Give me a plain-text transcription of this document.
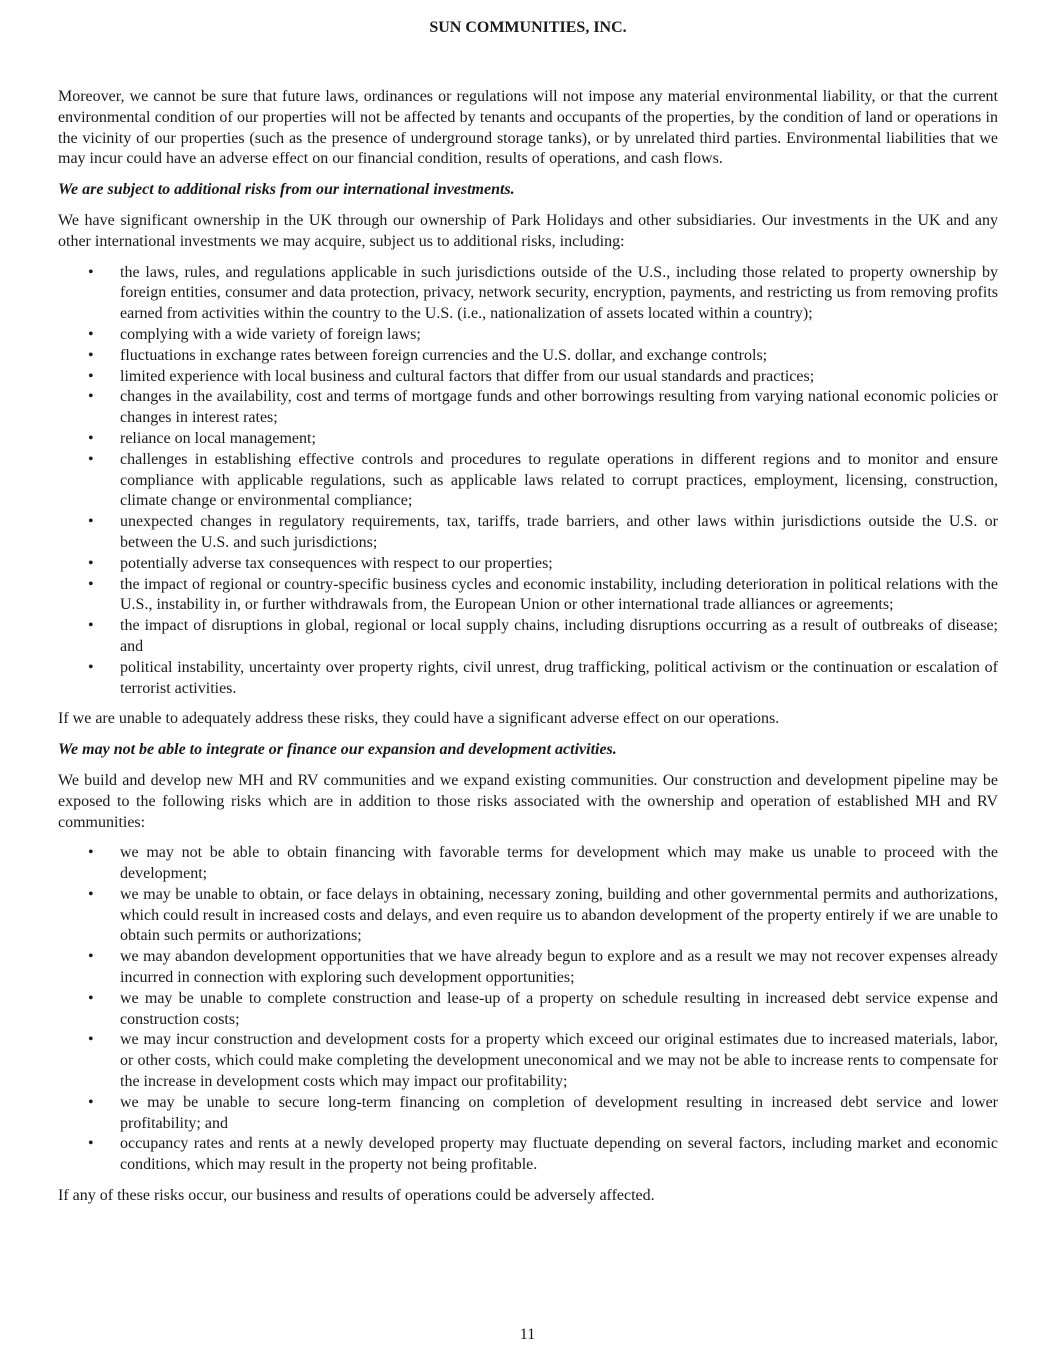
SUN COMMUNITIES, INC.

Moreover, we cannot be sure that future laws, ordinances or regulations will not impose any material environmental liability, or that the current environmental condition of our properties will not be affected by tenants and occupants of the properties, by the condition of land or operations in the vicinity of our properties (such as the presence of underground storage tanks), or by unrelated third parties. Environmental liabilities that we may incur could have an adverse effect on our financial condition, results of operations, and cash flows.

We are subject to additional risks from our international investments.

We have significant ownership in the UK through our ownership of Park Holidays and other subsidiaries. Our investments in the UK and any other international investments we may acquire, subject us to additional risks, including:

• the laws, rules, and regulations applicable in such jurisdictions outside of the U.S., including those related to property ownership by foreign entities, consumer and data protection, privacy, network security, encryption, payments, and restricting us from removing profits earned from activities within the country to the U.S. (i.e., nationalization of assets located within a country);
• complying with a wide variety of foreign laws;
• fluctuations in exchange rates between foreign currencies and the U.S. dollar, and exchange controls;
• limited experience with local business and cultural factors that differ from our usual standards and practices;
• changes in the availability, cost and terms of mortgage funds and other borrowings resulting from varying national economic policies or changes in interest rates;
• reliance on local management;
• challenges in establishing effective controls and procedures to regulate operations in different regions and to monitor and ensure compliance with applicable regulations, such as applicable laws related to corrupt practices, employment, licensing, construction, climate change or environmental compliance;
• unexpected changes in regulatory requirements, tax, tariffs, trade barriers, and other laws within jurisdictions outside the U.S. or between the U.S. and such jurisdictions;
• potentially adverse tax consequences with respect to our properties;
• the impact of regional or country-specific business cycles and economic instability, including deterioration in political relations with the U.S., instability in, or further withdrawals from, the European Union or other international trade alliances or agreements;
• the impact of disruptions in global, regional or local supply chains, including disruptions occurring as a result of outbreaks of disease; and
• political instability, uncertainty over property rights, civil unrest, drug trafficking, political activism or the continuation or escalation of terrorist activities.

If we are unable to adequately address these risks, they could have a significant adverse effect on our operations.

We may not be able to integrate or finance our expansion and development activities.

We build and develop new MH and RV communities and we expand existing communities. Our construction and development pipeline may be exposed to the following risks which are in addition to those risks associated with the ownership and operation of established MH and RV communities:

• we may not be able to obtain financing with favorable terms for development which may make us unable to proceed with the development;
• we may be unable to obtain, or face delays in obtaining, necessary zoning, building and other governmental permits and authorizations, which could result in increased costs and delays, and even require us to abandon development of the property entirely if we are unable to obtain such permits or authorizations;
• we may abandon development opportunities that we have already begun to explore and as a result we may not recover expenses already incurred in connection with exploring such development opportunities;
• we may be unable to complete construction and lease-up of a property on schedule resulting in increased debt service expense and construction costs;
• we may incur construction and development costs for a property which exceed our original estimates due to increased materials, labor, or other costs, which could make completing the development uneconomical and we may not be able to increase rents to compensate for the increase in development costs which may impact our profitability;
• we may be unable to secure long-term financing on completion of development resulting in increased debt service and lower profitability; and
• occupancy rates and rents at a newly developed property may fluctuate depending on several factors, including market and economic conditions, which may result in the property not being profitable.

If any of these risks occur, our business and results of operations could be adversely affected.

11
